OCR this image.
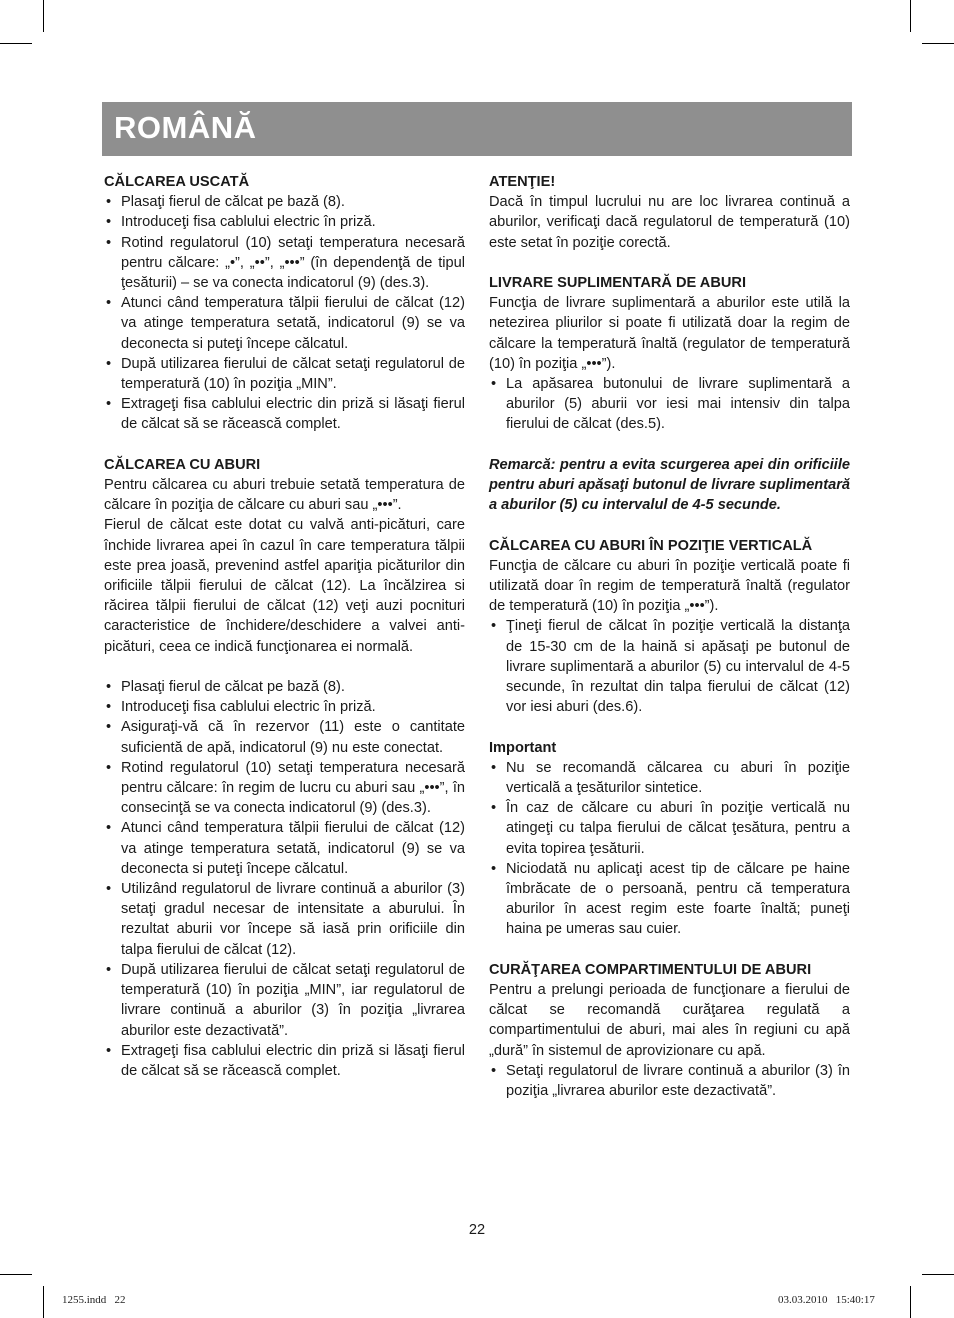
ROMÂNĂ

CĂLCAREA USCATĂ

• Plasaţi fierul de călcat pe bază (8).
• Introduceţi fisa cablului electric în priză.
• Rotind regulatorul (10) setaţi temperatura necesară pentru călcare: „•”, „••”, „•••” (în dependenţă de tipul ţesăturii) – se va conecta indicatorul (9) (des.3).
• Atunci când temperatura tălpii fierului de călcat (12) va atinge temperatura setată, indicatorul (9) se va deconecta si puteţi începe călcatul.
• După utilizarea fierului de călcat setaţi regulatorul de temperatură (10) în poziţia „MIN”.
• Extrageţi fisa cablului electric din priză si lăsaţi fierul de călcat să se răcească complet.

CĂLCAREA CU ABURI

Pentru călcarea cu aburi trebuie setată temperatura de călcare în poziţia de călcare cu aburi sau „•••”.

Fierul de călcat este dotat cu valvă anti-picături, care închide livrarea apei în cazul în care temperatura tălpii este prea joasă, prevenind astfel apariţia picăturilor din orificiile tălpii fierului de călcat (12). La încălzirea si răcirea tălpii fierului de călcat (12) veţi auzi pocnituri caracteristice de închidere/deschidere a valvei anti-picături, ceea ce indică funcţionarea ei normală.

• Plasaţi fierul de călcat pe bază (8).
• Introduceţi fisa cablului electric în priză.
• Asiguraţi-vă că în rezervor (11) este o cantitate suficientă de apă, indicatorul (9) nu este conectat.
• Rotind regulatorul (10) setaţi temperatura necesară pentru călcare: în regim de lucru cu aburi sau „•••”, în consecinţă se va conecta indicatorul (9) (des.3).
• Atunci când temperatura tălpii fierului de călcat (12) va atinge temperatura setată, indicatorul (9) se va deconecta si puteţi începe călcatul.
• Utilizând regulatorul de livrare continuă a aburilor (3) setaţi gradul necesar de intensitate a aburului. În rezultat aburii vor începe să iasă prin orificiile din talpa fierului de călcat (12).
• După utilizarea fierului de călcat setaţi regulatorul de temperatură (10) în poziţia „MIN”, iar regulatorul de livrare continuă a aburilor (3) în poziţia „livrarea aburilor este dezactivată”.
• Extrageţi fisa cablului electric din priză si lăsaţi fierul de călcat să se răcească complet.

ATENŢIE!

Dacă în timpul lucrului nu are loc livrarea continuă a aburilor, verificaţi dacă regulatorul de temperatură (10) este setat în poziţie corectă.

LIVRARE SUPLIMENTARĂ DE ABURI

Funcţia de livrare suplimentară a aburilor este utilă la netezirea pliurilor si poate fi utilizată doar la regim de călcare la temperatură înaltă (regulator de temperatură (10) în poziţia „•••”).

• La apăsarea butonului de livrare suplimentară a aburilor (5) aburii vor iesi mai intensiv din talpa fierului de călcat (des.5).

Remarcă: pentru a evita scurgerea apei din orificiile pentru aburi apăsaţi butonul de livrare suplimentară a aburilor (5) cu intervalul de 4-5 secunde.

CĂLCAREA CU ABURI ÎN POZIŢIE VERTICALĂ

Funcţia de călcare cu aburi în poziţie verticală poate fi utilizată doar în regim de temperatură înaltă (regulator de temperatură (10) în poziţia „•••”).

• Ţineţi fierul de călcat în poziţie verticală la distanţa de 15-30 cm de la haină si apăsaţi pe butonul de livrare suplimentară a aburilor (5) cu intervalul de 4-5 secunde, în rezultat din talpa fierului de călcat (12) vor iesi aburi (des.6).

Important

• Nu se recomandă călcarea cu aburi în poziţie verticală a ţesăturilor sintetice.
• În caz de călcare cu aburi în poziţie verticală nu atingeţi cu talpa fierului de călcat ţesătura, pentru a evita topirea ţesăturii.
• Niciodată nu aplicaţi acest tip de călcare pe haine îmbrăcate de o persoană, pentru că temperatura aburilor în acest regim este foarte înaltă; puneţi haina pe umeras sau cuier.

CURĂŢAREA COMPARTIMENTULUI DE ABURI

Pentru a prelungi perioada de funcţionare a fierului de călcat se recomandă curăţarea regulată a compartimentului de aburi, mai ales în regiuni cu apă „dură” în sistemul de aprovizionare cu apă.

• Setaţi regulatorul de livrare continuă a aburilor (3) în poziţia „livrarea aburilor este dezactivată”.
22
1255.indd   22	03.03.2010   15:40:17
